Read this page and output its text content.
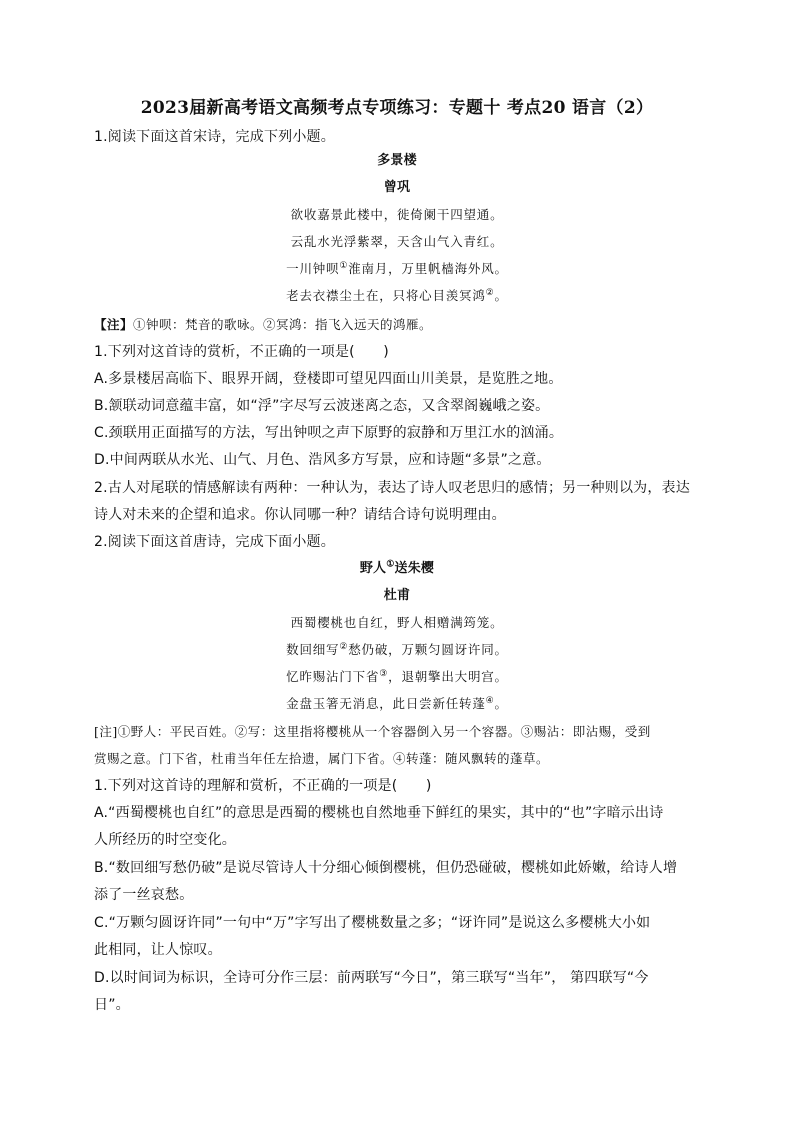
2023届新高考语文高频考点专项练习：专题十 考点20 语言（2）
1.阅读下面这首宋诗，完成下列小题。
多景楼
曾巩
欲收嘉景此楼中，徙倚阑干四望通。
云乱水光浮紫翠，天含山气入青红。
一川钟呗①淮南月，万里帆樯海外风。
老去衣襟尘土在，只将心目羡冥鸿②。
【注】①钟呗：梵音的歌咏。②冥鸿：指飞入远天的鸿雁。
1.下列对这首诗的赏析，不正确的一项是(　　)
A.多景楼居高临下、眼界开阔，登楼即可望见四面山川美景，是览胜之地。
B.颔联动词意蕴丰富，如“浮”字尽写云波迷离之态，又含翠阁巍峨之姿。
C.颈联用正面描写的方法，写出钟呗之声下原野的寂静和万里江水的汹涌。
D.中间两联从水光、山气、月色、浩风多方写景，应和诗题“多景”之意。
2.古人对尾联的情感解读有两种：一种认为，表达了诗人叹老思归的感情；另一种则以为，表达
诗人对未来的企望和追求。你认同哪一种？请结合诗句说明理由。
2.阅读下面这首唐诗，完成下面小题。
野人①送朱樱
杜甫
西蜀樱桃也自红，野人相赠满筠笼。
数回细写②愁仍破，万颗匀圆讶许同。
忆昨赐沾门下省③，退朝擎出大明宫。
金盘玉箸无消息，此日尝新任转蓬④。
[注]①野人：平民百姓。②写：这里指将樱桃从一个容器倒入另一个容器。③赐沾：即沾赐，受到
赏赐之意。门下省，杜甫当年任左拾遗，属门下省。④转蓬：随风飘转的蓬草。
1.下列对这首诗的理解和赏析，不正确的一项是(　　)
A.“西蜀樱桃也自红”的意思是西蜀的樱桃也自然地垂下鲜红的果实，其中的“也”字暗示出诗
人所经历的时空变化。
B.“数回细写愁仍破”是说尽管诗人十分细心倾倒樱桃，但仍恐碰破，樱桃如此娇嫩，给诗人增
添了一丝哀愁。
C.“万颗匀圆讶许同”一句中“万”字写出了樱桃数量之多；“讶许同”是说这么多樱桃大小如
此相同，让人惊叹。
D.以时间词为标识，全诗可分作三层：前两联写“今日”，第三联写“当年”， 第四联写“今
日”。
